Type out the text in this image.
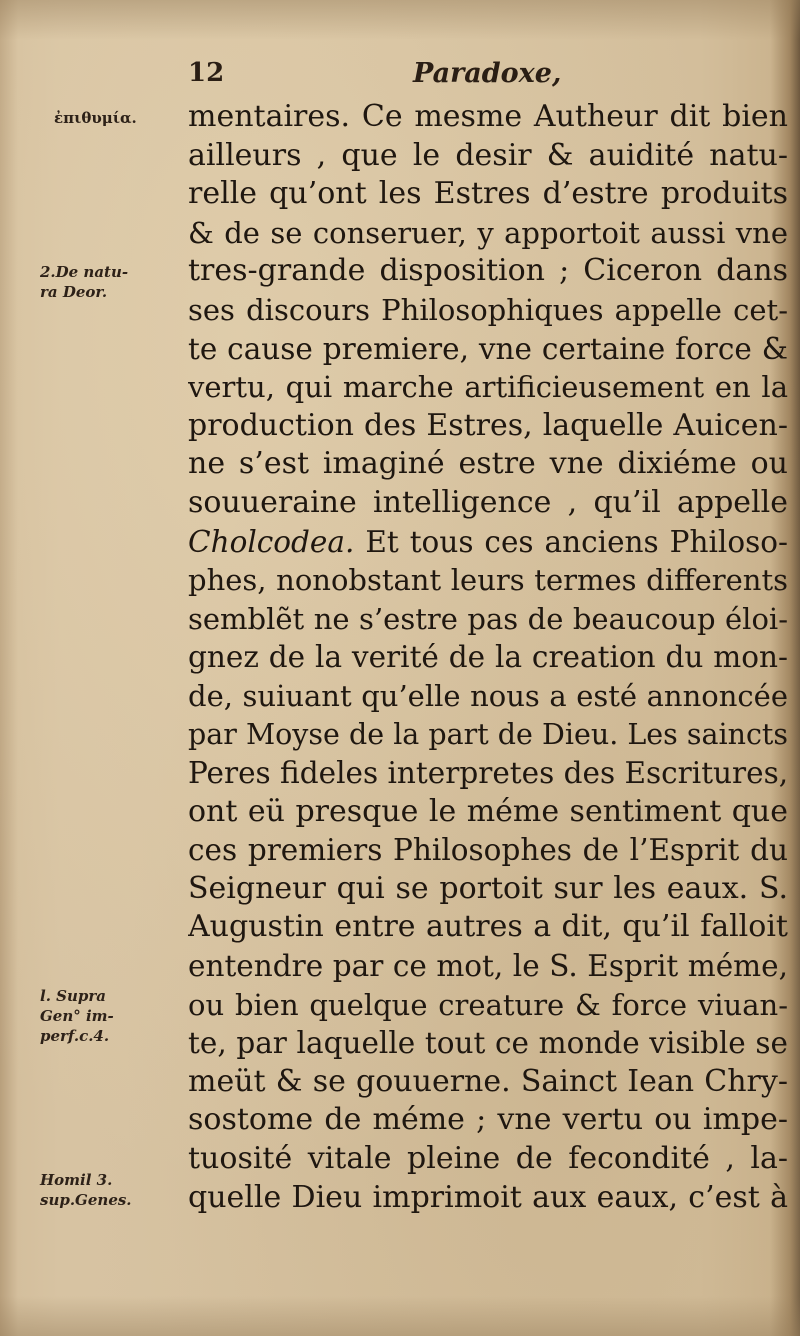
12	Paradoxe,
ἐπιθυμία.
2.De natu-
ra Deor.
l. Supra
Gen° im-
perf.c.4.
Homil 3.
sup.Genes.
mentaires. Ce mesme Autheur dit bien
ailleurs , que le desir & auidité natu-
relle qu’ont les Estres d’estre produits
& de se conseruer, y apportoit aussi vne
tres-grande disposition ; Ciceron dans
ses discours Philosophiques appelle cet-
te cause premiere, vne certaine force &
vertu, qui marche artificieusement en la
production des Estres, laquelle Auicen-
ne s’est imaginé estre vne dixiéme ou
souueraine intelligence , qu’il appelle
Cholcodea. Et tous ces anciens Philoso-
phes, nonobstant leurs termes differents
semblẽt ne s’estre pas de beaucoup éloi-
gnez de la verité de la creation du mon-
de, suiuant qu’elle nous a esté annoncée
par Moyse de la part de Dieu. Les saincts
Peres fideles interpretes des Escritures,
ont eü presque le méme sentiment que
ces premiers Philosophes de l’Esprit du
Seigneur qui se portoit sur les eaux. S.
Augustin entre autres a dit, qu’il falloit
entendre par ce mot, le S. Esprit méme,
ou bien quelque creature & force viuan-
te, par laquelle tout ce monde visible se
meüt & se gouuerne. Sainct Iean Chry-
sostome de méme ; vne vertu ou impe-
tuosité vitale pleine de fecondité , la-
quelle Dieu imprimoit aux eaux, c’est à
